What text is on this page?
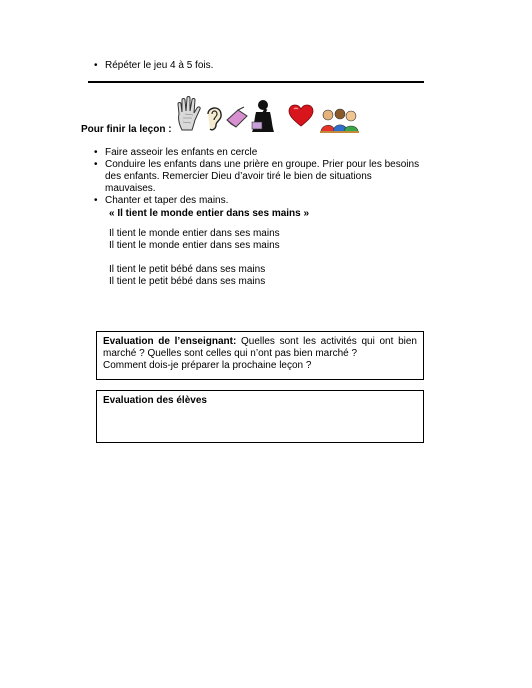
• Répéter le jeu 4 à 5 fois.
Pour finir la leçon :
• Faire asseoir les enfants en cercle
• Conduire les enfants dans une prière en groupe. Prier pour les besoins des enfants. Remercier Dieu d’avoir tiré le bien de situations mauvaises.
• Chanter et taper des mains.
« Il tient le monde entier dans ses mains »
Il tient le monde entier dans ses mains
Il tient le monde entier dans ses mains
Il tient le petit bébé dans ses mains
Il tient le petit bébé dans ses mains
Evaluation de l’enseignant: Quelles sont les activités qui ont bien marché ? Quelles sont celles qui n’ont pas bien marché ?
Comment dois-je préparer la prochaine leçon ?
Evaluation des élèves
